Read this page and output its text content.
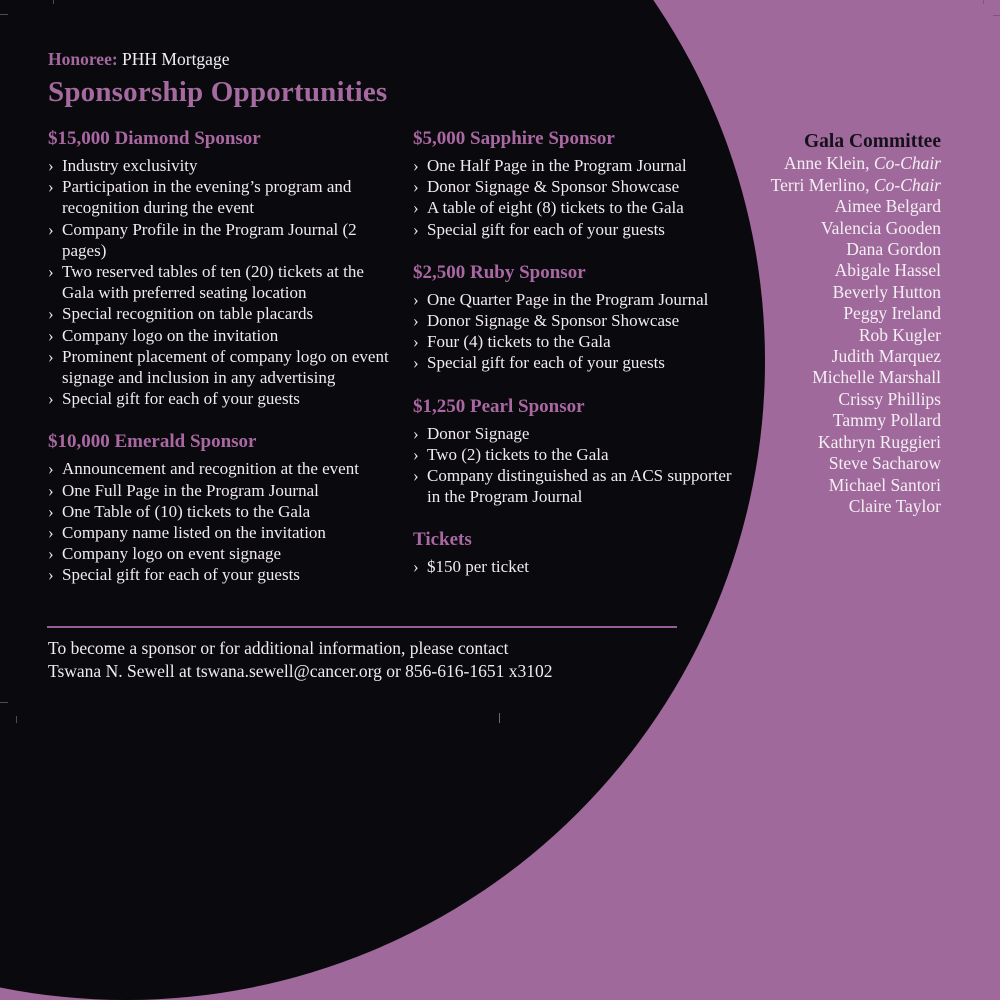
Honoree: PHH Mortgage
Sponsorship Opportunities
$15,000 Diamond Sponsor
› Industry exclusivity
› Participation in the evening’s program and recognition during the event
› Company Profile in the Program Journal (2 pages)
› Two reserved tables of ten (20) tickets at the Gala with preferred seating location
› Special recognition on table placards
› Company logo on the invitation
› Prominent placement of company logo on event signage and inclusion in any advertising
› Special gift for each of your guests
$10,000 Emerald Sponsor
› Announcement and recognition at the event
› One Full Page in the Program Journal
› One Table of (10) tickets to the Gala
› Company name listed on the invitation
› Company logo on event signage
› Special gift for each of your guests
$5,000 Sapphire Sponsor
› One Half Page in the Program Journal
› Donor Signage & Sponsor Showcase
› A table of eight (8) tickets to the Gala
› Special gift for each of your guests
$2,500 Ruby Sponsor
› One Quarter Page in the Program Journal
› Donor Signage & Sponsor Showcase
› Four (4) tickets to the Gala
› Special gift for each of your guests
$1,250 Pearl Sponsor
› Donor Signage
› Two (2) tickets to the Gala
› Company distinguished as an ACS supporter in the Program Journal
Tickets
› $150 per ticket
Gala Committee
Anne Klein, Co-Chair
Terri Merlino, Co-Chair
Aimee Belgard
Valencia Gooden
Dana Gordon
Abigale Hassel
Beverly Hutton
Peggy Ireland
Rob Kugler
Judith Marquez
Michelle Marshall
Crissy Phillips
Tammy Pollard
Kathryn Ruggieri
Steve Sacharow
Michael Santori
Claire Taylor
To become a sponsor or for additional information, please contact
Tswana N. Sewell at tswana.sewell@cancer.org or 856-616-1651 x3102
